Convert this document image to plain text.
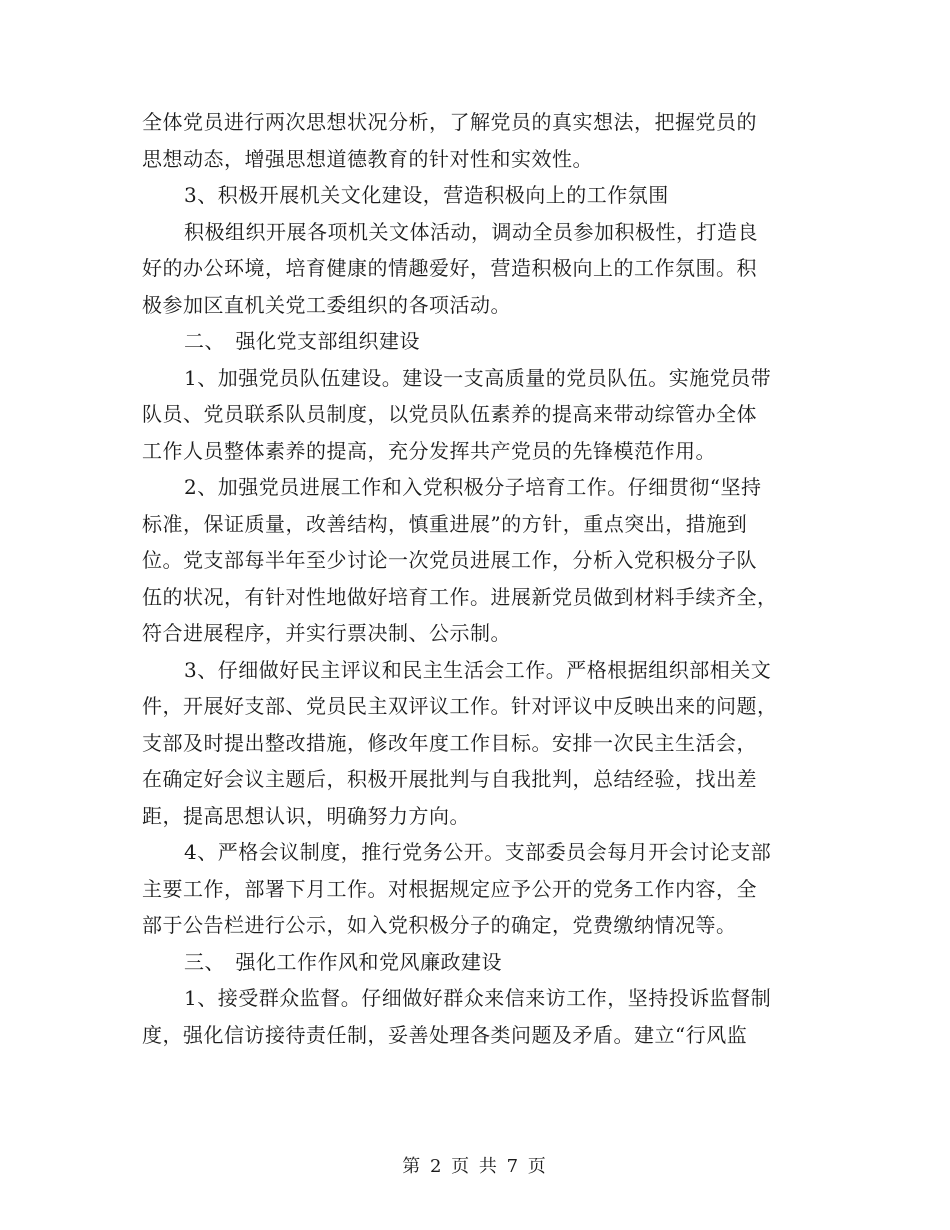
全体党员进行两次思想状况分析，了解党员的真实想法，把握党员的
思想动态，增强思想道德教育的针对性和实效性。
3、积极开展机关文化建设，营造积极向上的工作氛围
积极组织开展各项机关文体活动，调动全员参加积极性，打造良
好的办公环境，培育健康的情趣爱好，营造积极向上的工作氛围。积
极参加区直机关党工委组织的各项活动。
二、　强化党支部组织建设
1、加强党员队伍建设。建设一支高质量的党员队伍。实施党员带
队员、党员联系队员制度，以党员队伍素养的提高来带动综管办全体
工作人员整体素养的提高，充分发挥共产党员的先锋模范作用。
2、加强党员进展工作和入党积极分子培育工作。仔细贯彻“坚持
标准，保证质量，改善结构，慎重进展”的方针，重点突出，措施到
位。党支部每半年至少讨论一次党员进展工作，分析入党积极分子队
伍的状况，有针对性地做好培育工作。进展新党员做到材料手续齐全，
符合进展程序，并实行票决制、公示制。
3、仔细做好民主评议和民主生活会工作。严格根据组织部相关文
件，开展好支部、党员民主双评议工作。针对评议中反映出来的问题，
支部及时提出整改措施，修改年度工作目标。安排一次民主生活会，
在确定好会议主题后，积极开展批判与自我批判，总结经验，找出差
距，提高思想认识，明确努力方向。
4、严格会议制度，推行党务公开。支部委员会每月开会讨论支部
主要工作，部署下月工作。对根据规定应予公开的党务工作内容，全
部于公告栏进行公示，如入党积极分子的确定，党费缴纳情况等。
三、　强化工作作风和党风廉政建设
1、接受群众监督。仔细做好群众来信来访工作，坚持投诉监督制
度，强化信访接待责任制，妥善处理各类问题及矛盾。建立“行风监
第 2 页 共 7 页
